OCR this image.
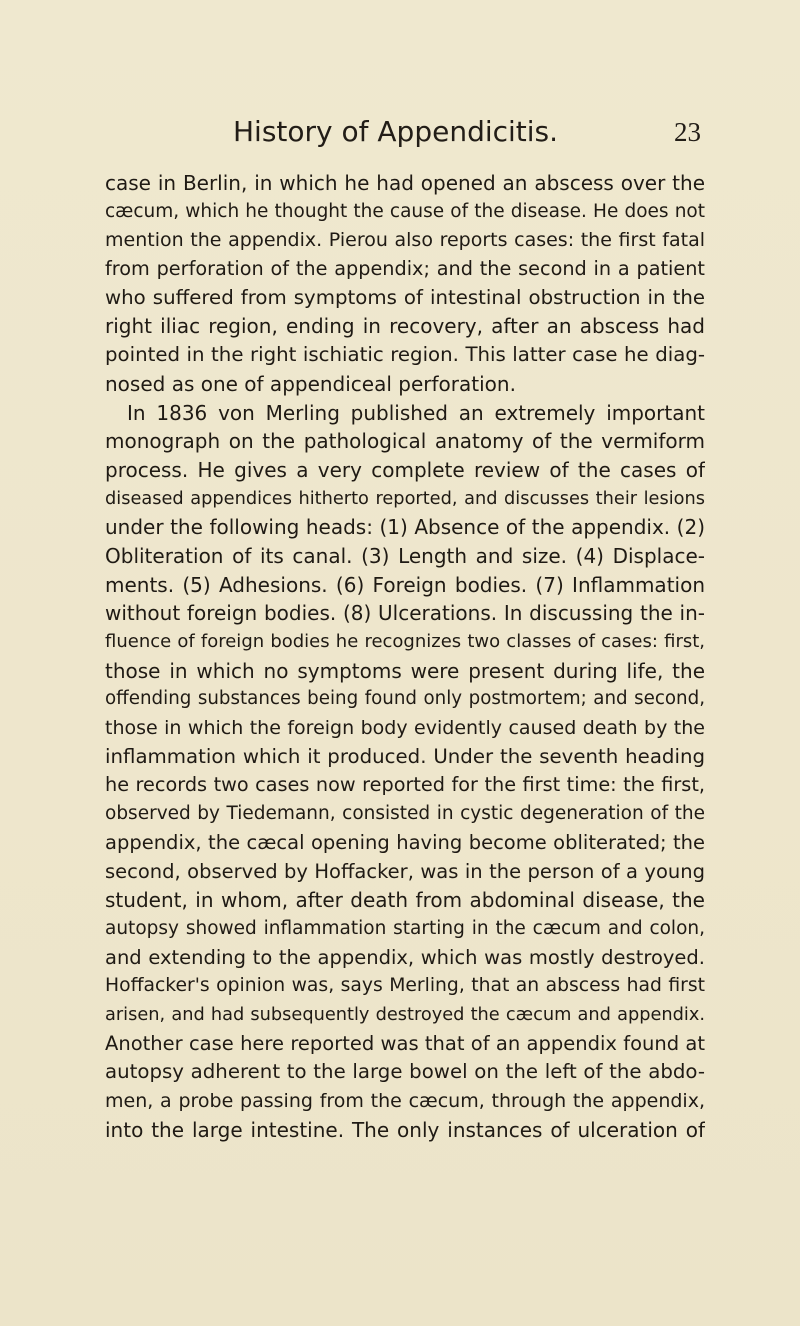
History of Appendicitis.	23
case in Berlin, in which he had opened an abscess over the
cæcum, which he thought the cause of the disease. He does not
mention the appendix. Pierou also reports cases: the first fatal
from perforation of the appendix; and the second in a patient
who suffered from symptoms of intestinal obstruction in the
right iliac region, ending in recovery, after an abscess had
pointed in the right ischiatic region. This latter case he diag-
nosed as one of appendiceal perforation.
In 1836 von Merling published an extremely important
monograph on the pathological anatomy of the vermiform
process. He gives a very complete review of the cases of
diseased appendices hitherto reported, and discusses their lesions
under the following heads: (1) Absence of the appendix. (2)
Obliteration of its canal. (3) Length and size. (4) Displace-
ments. (5) Adhesions. (6) Foreign bodies. (7) Inflammation
without foreign bodies. (8) Ulcerations. In discussing the in-
fluence of foreign bodies he recognizes two classes of cases: first,
those in which no symptoms were present during life, the
offending substances being found only postmortem; and second,
those in which the foreign body evidently caused death by the
inflammation which it produced. Under the seventh heading
he records two cases now reported for the first time: the first,
observed by Tiedemann, consisted in cystic degeneration of the
appendix, the cæcal opening having become obliterated; the
second, observed by Hoffacker, was in the person of a young
student, in whom, after death from abdominal disease, the
autopsy showed inflammation starting in the cæcum and colon,
and extending to the appendix, which was mostly destroyed.
Hoffacker's opinion was, says Merling, that an abscess had first
arisen, and had subsequently destroyed the cæcum and appendix.
Another case here reported was that of an appendix found at
autopsy adherent to the large bowel on the left of the abdo-
men, a probe passing from the cæcum, through the appendix,
into the large intestine. The only instances of ulceration of
